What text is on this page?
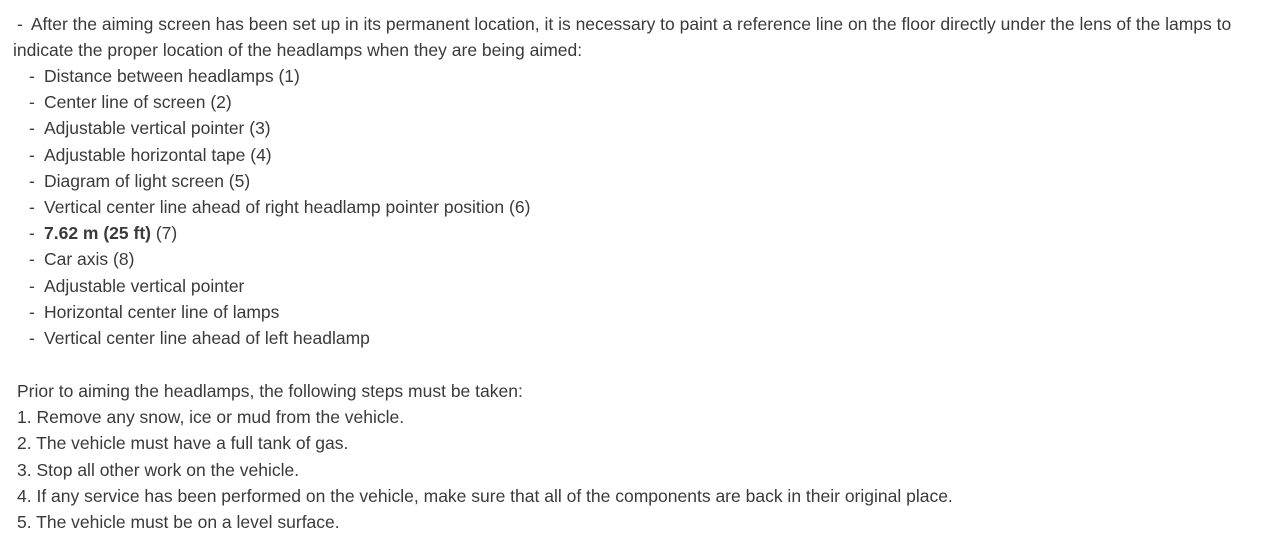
- After the aiming screen has been set up in its permanent location, it is necessary to paint a reference line on the floor directly under the lens of the lamps to indicate the proper location of the headlamps when they are being aimed:

- Distance between headlamps (1)
- Center line of screen (2)
- Adjustable vertical pointer (3)
- Adjustable horizontal tape (4)
- Diagram of light screen (5)
- Vertical center line ahead of right headlamp pointer position (6)
- 7.62 m (25 ft) (7)
- Car axis (8)
- Adjustable vertical pointer
- Horizontal center line of lamps
- Vertical center line ahead of left headlamp

Prior to aiming the headlamps, the following steps must be taken:

1. Remove any snow, ice or mud from the vehicle.
2. The vehicle must have a full tank of gas.
3. Stop all other work on the vehicle.
4. If any service has been performed on the vehicle, make sure that all of the components are back in their original place.
5. The vehicle must be on a level surface.
